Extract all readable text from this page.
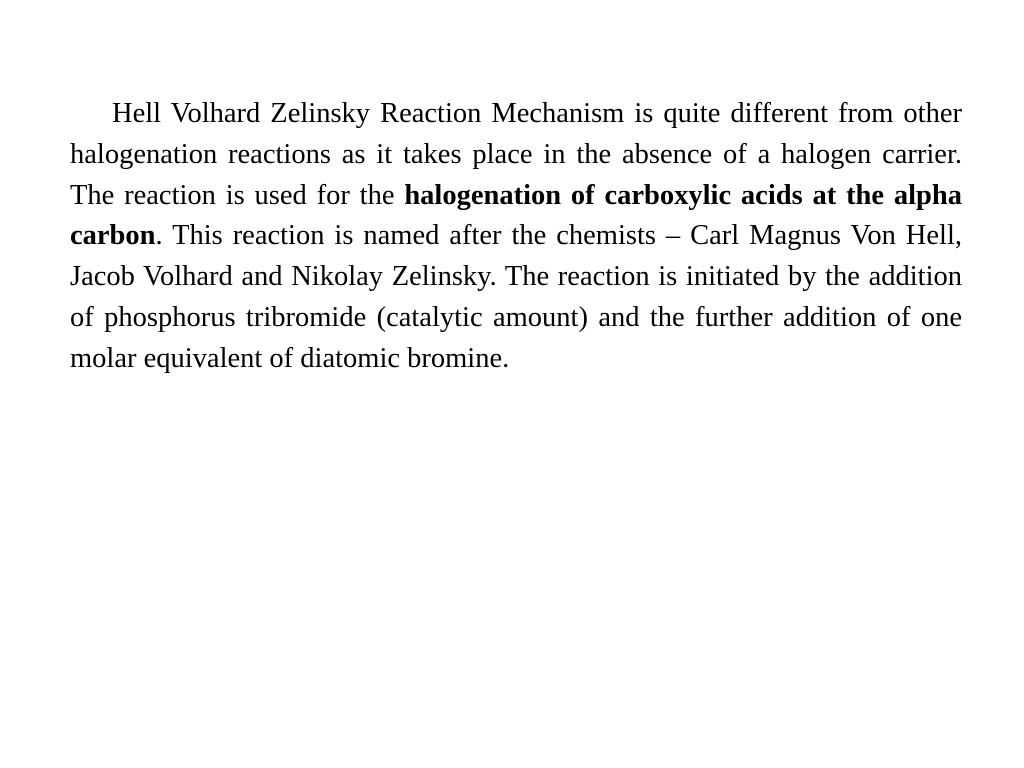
Hell Volhard Zelinsky Reaction Mechanism is quite different from other halogenation reactions as it takes place in the absence of a halogen carrier. The reaction is used for the halogenation of carboxylic acids at the alpha carbon. This reaction is named after the chemists – Carl Magnus Von Hell, Jacob Volhard and Nikolay Zelinsky. The reaction is initiated by the addition of phosphorus tribromide (catalytic amount) and the further addition of one molar equivalent of diatomic bromine.
